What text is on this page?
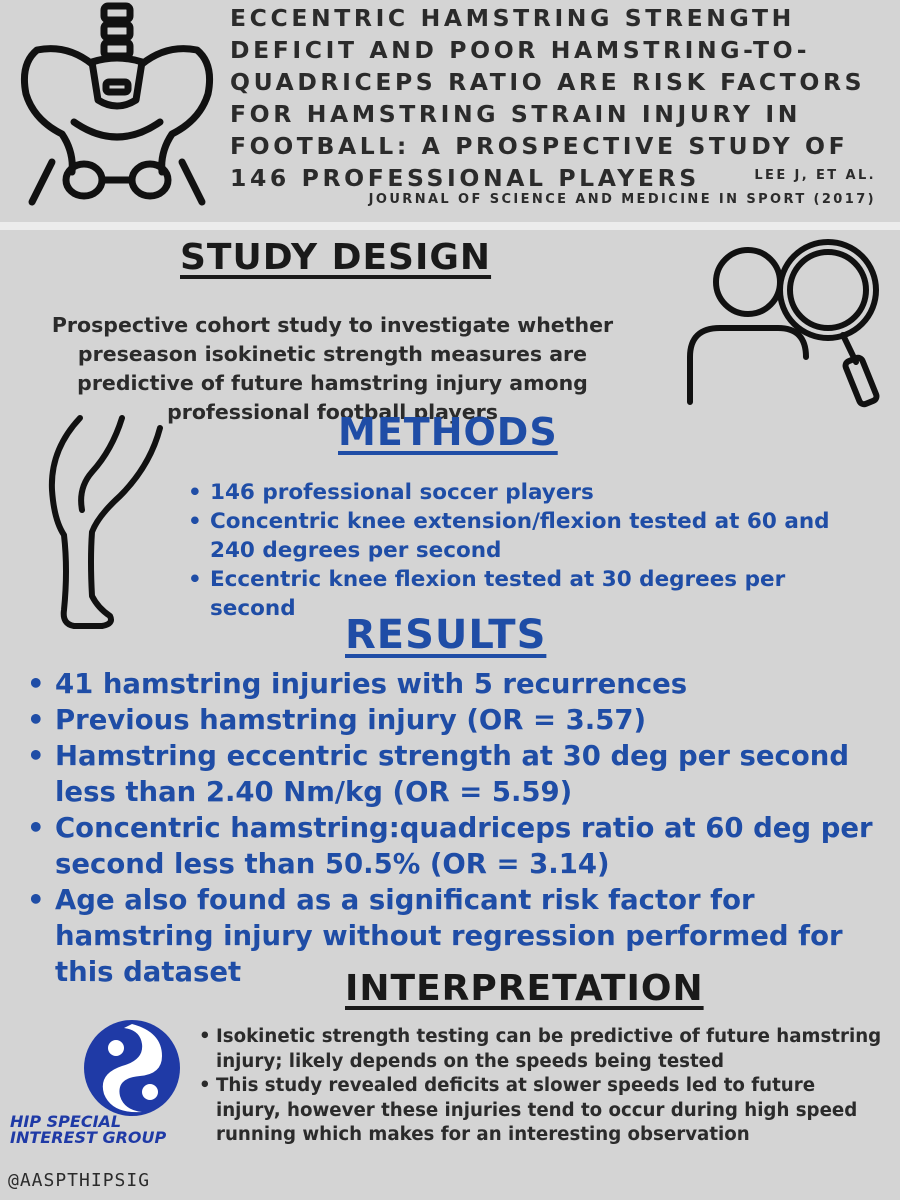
ECCENTRIC HAMSTRING STRENGTH DEFICIT AND POOR HAMSTRING-TO-QUADRICEPS RATIO ARE RISK FACTORS FOR HAMSTRING STRAIN INJURY IN FOOTBALL: A PROSPECTIVE STUDY OF 146 PROFESSIONAL PLAYERS	LEE J, ET AL.
JOURNAL OF SCIENCE AND MEDICINE IN SPORT (2017)
STUDY DESIGN

Prospective cohort study to investigate whether preseason isokinetic strength measures are predictive of future hamstring injury among professional football players

METHODS
• 146 professional soccer players
• Concentric knee extension/flexion tested at 60 and 240 degrees per second
• Eccentric knee flexion tested at 30 degrees per second
RESULTS
• 41 hamstring injuries with 5 recurrences
• Previous hamstring injury (OR = 3.57)
• Hamstring eccentric strength at 30 deg per second less than 2.40 Nm/kg (OR = 5.59)
• Concentric hamstring:quadriceps ratio at 60 deg per second less than 50.5% (OR = 3.14)
• Age also found as a significant risk factor for hamstring injury without regression performed for this dataset	INTERPRETATION
HIP SPECIAL INTEREST GROUP
• Isokinetic strength testing can be predictive of future hamstring injury; likely depends on the speeds being tested
• This study revealed deficits at slower speeds led to future injury, however these injuries tend to occur during high speed running which makes for an interesting observation
@AASPTHIPSIG
